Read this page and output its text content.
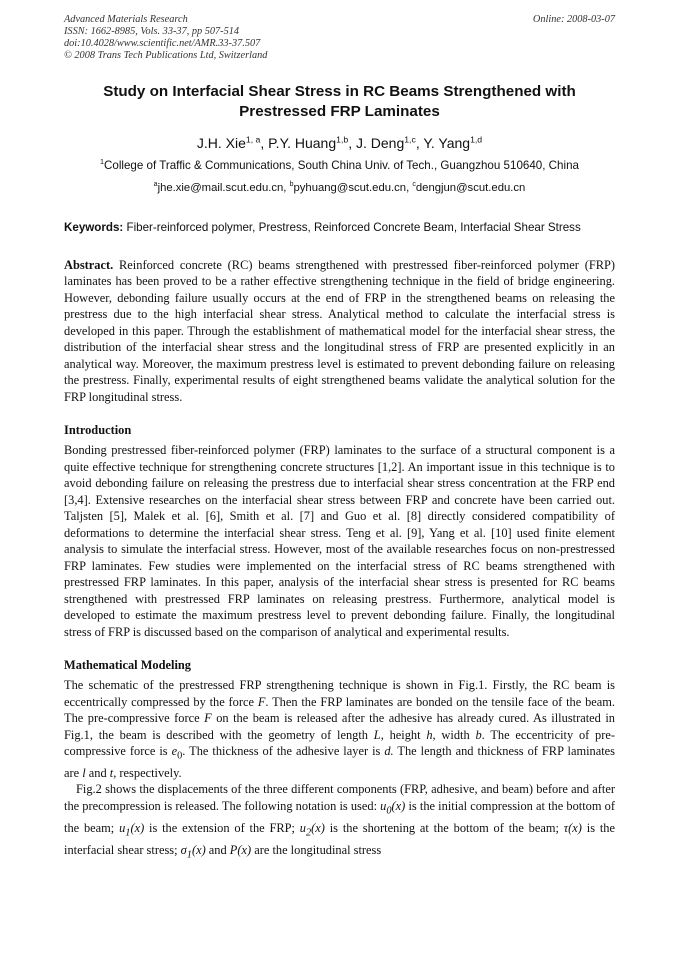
Advanced Materials Research
ISSN: 1662-8985, Vols. 33-37, pp 507-514
doi:10.4028/www.scientific.net/AMR.33-37.507
© 2008 Trans Tech Publications Ltd, Switzerland
Online: 2008-03-07
Study on Interfacial Shear Stress in RC Beams Strengthened with Prestressed FRP Laminates
J.H. Xie$^{1, a}$, P.Y. Huang$^{1,b}$, J. Deng$^{1,c}$, Y. Yang$^{1,d}$
$^1$College of Traffic & Communications, South China Univ. of Tech., Guangzhou 510640, China
$^a$jhe.xie@mail.scut.edu.cn, $^b$pyhuang@scut.edu.cn, $^c$dengjun@scut.edu.cn
Keywords: Fiber-reinforced polymer, Prestress, Reinforced Concrete Beam, Interfacial Shear Stress

Abstract. Reinforced concrete (RC) beams strengthened with prestressed fiber-reinforced polymer (FRP) laminates has been proved to be a rather effective strengthening technique in the field of bridge engineering. However, debonding failure usually occurs at the end of FRP in the strengthened beams on releasing the prestress due to the high interfacial shear stress. Analytical method to calculate the interfacial stress is developed in this paper. Through the establishment of mathematical model for the interfacial shear stress, the distribution of the interfacial shear stress and the longitudinal stress of FRP are presented explicitly in an analytical way. Moreover, the maximum prestress level is estimated to prevent debonding failure on releasing the prestress. Finally, experimental results of eight strengthened beams validate the analytical solution for the FRP longitudinal stress.

Introduction

Bonding prestressed fiber-reinforced polymer (FRP) laminates to the surface of a structural component is a quite effective technique for strengthening concrete structures [1,2]. An important issue in this technique is to avoid debonding failure on releasing the prestress due to interfacial shear stress concentration at the FRP end [3,4]. Extensive researches on the interfacial shear stress between FRP and concrete have been carried out. Taljsten [5], Malek et al. [6], Smith et al. [7] and Guo et al. [8] directly considered compatibility of deformations to determine the interfacial shear stress. Teng et al. [9], Yang et al. [10] used finite element analysis to simulate the interfacial stress. However, most of the available researches focus on non-prestressed FRP laminates. Few studies were implemented on the interfacial stress of RC beams strengthened with prestressed FRP laminates. In this paper, analysis of the interfacial shear stress is presented for RC beams strengthened with prestressed FRP laminates on releasing prestress. Furthermore, analytical model is developed to estimate the maximum prestress level to prevent debonding failure. Finally, the longitudinal stress of FRP is discussed based on the comparison of analytical and experimental results.

Mathematical Modeling

The schematic of the prestressed FRP strengthening technique is shown in Fig.1. Firstly, the RC beam is eccentrically compressed by the force F. Then the FRP laminates are bonded on the tensile face of the beam. The pre-compressive force F on the beam is released after the adhesive has already cured. As illustrated in Fig.1, the beam is described with the geometry of length L, height h, width b. The eccentricity of pre-compressive force is $e_0$. The thickness of the adhesive layer is d. The length and thickness of FRP laminates are l and t, respectively.

Fig.2 shows the displacements of the three different components (FRP, adhesive, and beam) before and after the precompression is released. The following notation is used: $u_0(x)$ is the initial compression at the bottom of the beam; $u_1(x)$ is the extension of the FRP; $u_2(x)$ is the shortening at the bottom of the beam; τ(x) is the interfacial shear stress; $\sigma_1(x)$ and P(x) are the longitudinal stress
